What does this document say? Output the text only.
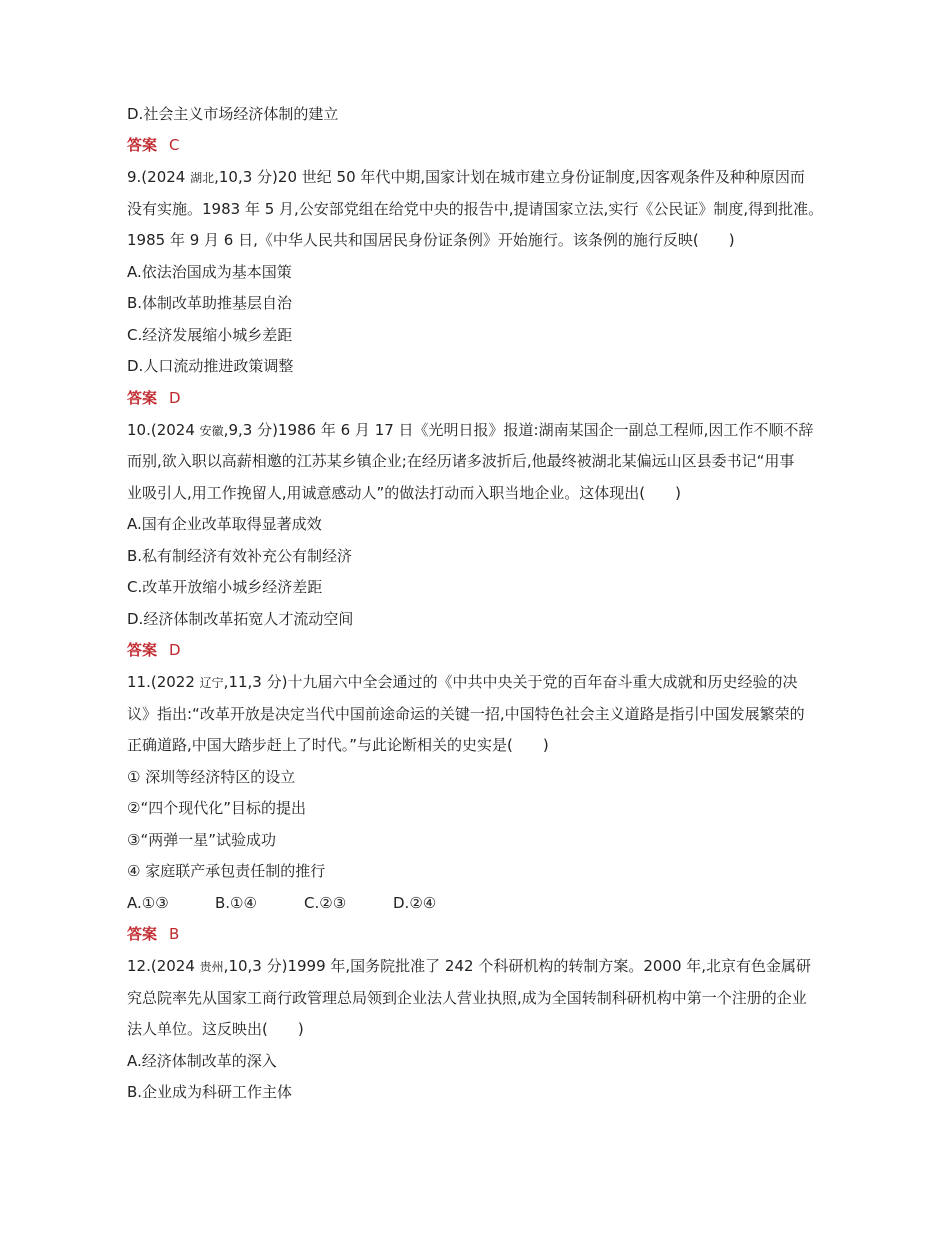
D.社会主义市场经济体制的建立
答案 C
9.(2024 湖北,10,3 分)20 世纪 50 年代中期,国家计划在城市建立身份证制度,因客观条件及种种原因而
没有实施。1983 年 5 月,公安部党组在给党中央的报告中,提请国家立法,实行《公民证》制度,得到批准。
1985 年 9 月 6 日,《中华人民共和国居民身份证条例》开始施行。该条例的施行反映(　　)
A.依法治国成为基本国策
B.体制改革助推基层自治
C.经济发展缩小城乡差距
D.人口流动推进政策调整
答案 D
10.(2024 安徽,9,3 分)1986 年 6 月 17 日《光明日报》报道:湖南某国企一副总工程师,因工作不顺不辞
而别,欲入职以高薪相邀的江苏某乡镇企业;在经历诸多波折后,他最终被湖北某偏远山区县委书记“用事
业吸引人,用工作挽留人,用诚意感动人”的做法打动而入职当地企业。这体现出(　　)
A.国有企业改革取得显著成效
B.私有制经济有效补充公有制经济
C.改革开放缩小城乡经济差距
D.经济体制改革拓宽人才流动空间
答案 D
11.(2022 辽宁,11,3 分)十九届六中全会通过的《中共中央关于党的百年奋斗重大成就和历史经验的决
议》指出:“改革开放是决定当代中国前途命运的关键一招,中国特色社会主义道路是指引中国发展繁荣的
正确道路,中国大踏步赶上了时代。”与此论断相关的史实是(　　)
① 深圳等经济特区的设立
②“四个现代化”目标的提出
③“两弹一星”试验成功
④ 家庭联产承包责任制的推行
A.①③	B.①④	C.②③	D.②④
答案 B
12.(2024 贵州,10,3 分)1999 年,国务院批准了 242 个科研机构的转制方案。2000 年,北京有色金属研
究总院率先从国家工商行政管理总局领到企业法人营业执照,成为全国转制科研机构中第一个注册的企业
法人单位。这反映出(　　)
A.经济体制改革的深入
B.企业成为科研工作主体
